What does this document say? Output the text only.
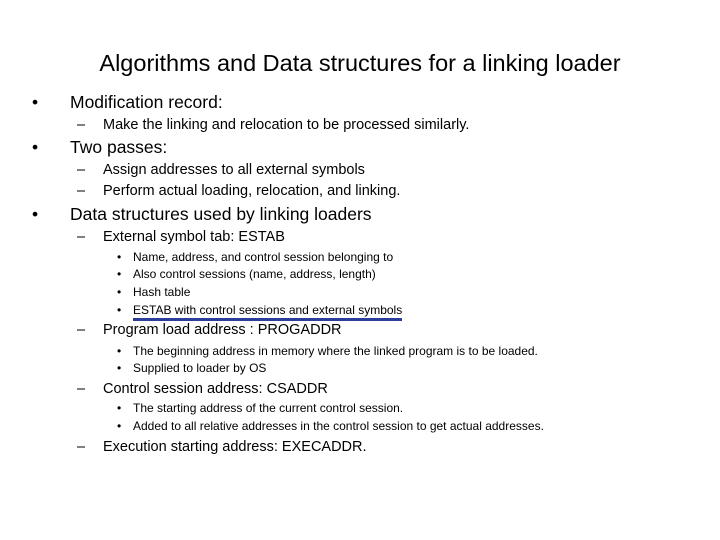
Algorithms and Data structures for a linking loader
• Modification record:
– Make the linking and relocation to be processed similarly.
• Two passes:
– Assign addresses to all external symbols
– Perform actual loading, relocation, and linking.
• Data structures used by linking loaders
– External symbol tab: ESTAB
• Name, address, and control session belonging to
• Also control sessions (name, address, length)
• Hash table
• ESTAB with control sessions and external symbols
– Program load address : PROGADDR
• The beginning address in memory where the linked program is to be loaded.
• Supplied to loader by OS
– Control session address: CSADDR
• The starting address of the current control session.
• Added to all relative addresses in the control session to get actual addresses.
– Execution starting address: EXECADDR.
